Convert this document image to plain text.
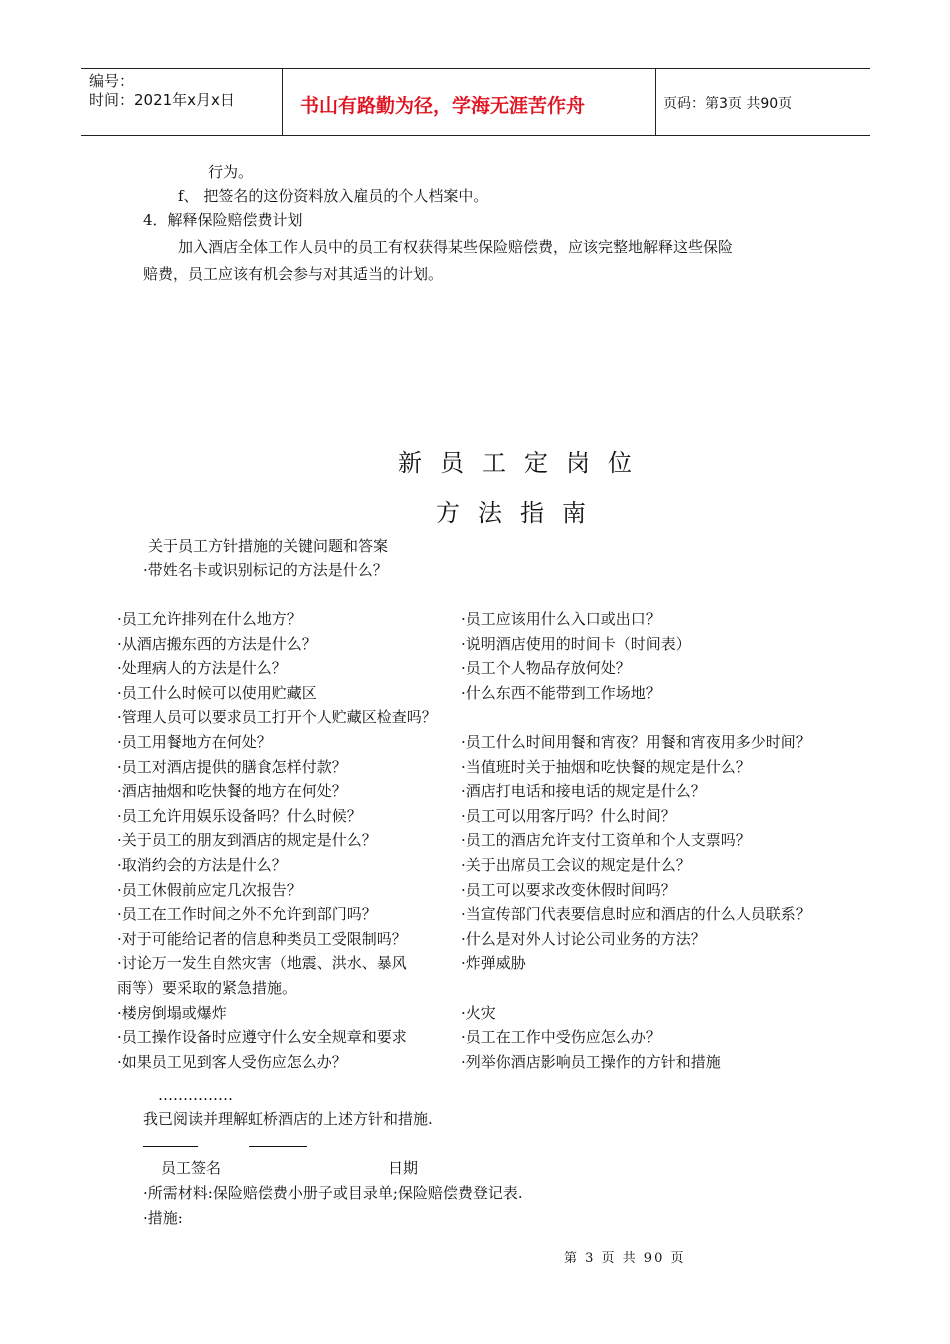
编号：
时间：2021年x月x日	书山有路勤为径，学海无涯苦作舟	页码：第3页 共90页
行为。
f、 把签名的这份资料放入雇员的个人档案中。
4．解释保险赔偿费计划
加入酒店全体工作人员中的员工有权获得某些保险赔偿费，应该完整地解释这些保险
赔费，员工应该有机会参与对其适当的计划。
新员工定岗位
方法指南
关于员工方针措施的关键问题和答案
·带姓名卡或识别标记的方法是什么？
·员工允许排列在什么地方？	·员工应该用什么入口或出口？
·从酒店搬东西的方法是什么？	·说明酒店使用的时间卡（时间表）
·处理病人的方法是什么？	·员工个人物品存放何处？
·员工什么时候可以使用贮藏区	·什么东西不能带到工作场地？
·管理人员可以要求员工打开个人贮藏区检查吗？
·员工用餐地方在何处？	·员工什么时间用餐和宵夜？用餐和宵夜用多少时间？
·员工对酒店提供的膳食怎样付款？	·当值班时关于抽烟和吃快餐的规定是什么？
·酒店抽烟和吃快餐的地方在何处？	·酒店打电话和接电话的规定是什么？
·员工允许用娱乐设备吗？什么时候？	·员工可以用客厅吗？什么时间？
·关于员工的朋友到酒店的规定是什么？	·员工的酒店允许支付工资单和个人支票吗？
·取消约会的方法是什么？	·关于出席员工会议的规定是什么？
·员工休假前应定几次报告？	·员工可以要求改变休假时间吗？
·员工在工作时间之外不允许到部门吗？	·当宣传部门代表要信息时应和酒店的什么人员联系？
·对于可能给记者的信息种类员工受限制吗？	·什么是对外人讨论公司业务的方法？
·讨论万一发生自然灾害（地震、洪水、暴风	·炸弹威胁
雨等）要采取的紧急措施。
·楼房倒塌或爆炸	·火灾
·员工操作设备时应遵守什么安全规章和要求	·员工在工作中受伤应怎么办？
·如果员工见到客人受伤应怎么办？	·列举你酒店影响员工操作的方针和措施
……………
我已阅读并理解虹桥酒店的上述方针和措施.
员工签名	日期
·所需材料:保险赔偿费小册子或目录单;保险赔偿费登记表.
·措施:
第 3 页 共 90 页
